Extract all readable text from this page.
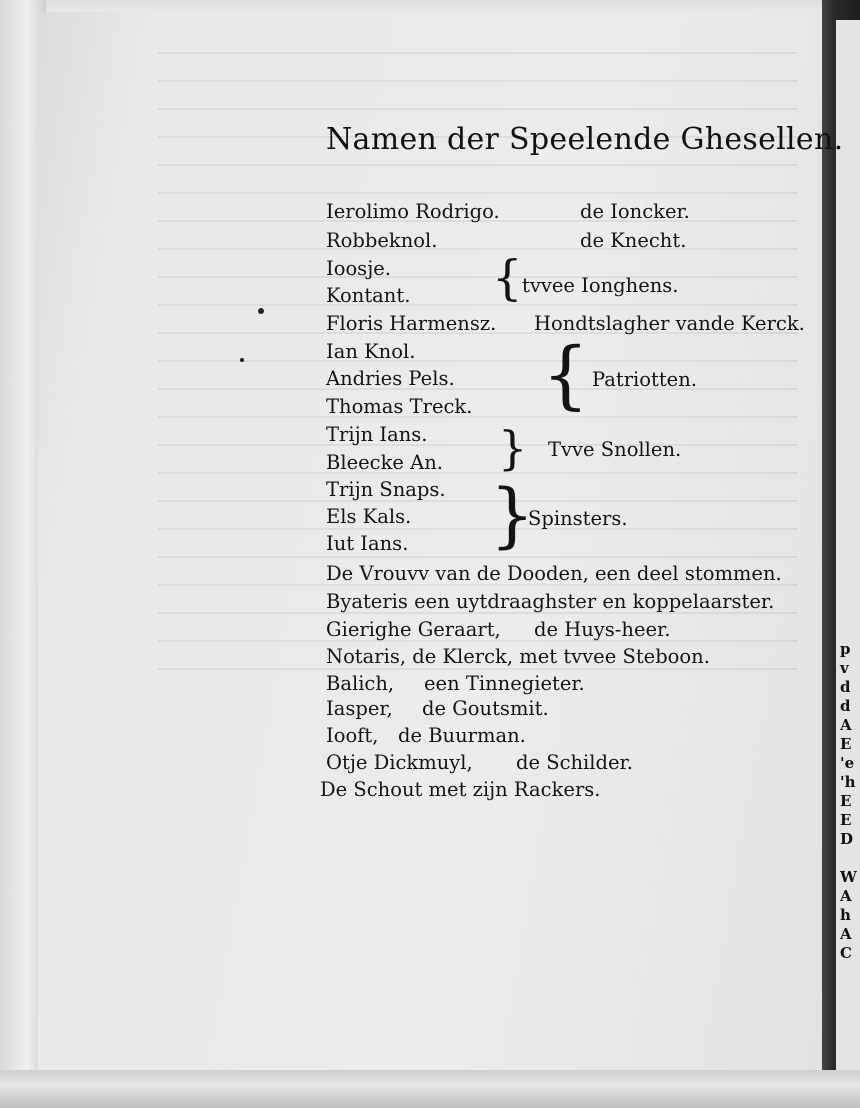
p
v
d
d
A
E
'e
'h
E
E
D

W
A
h
A
C
Namen der Speelende Ghesellen.
Ierolimo Rodrigo.	de Ioncker.
Robbeknol.	de Knecht.
Ioosje.
Kontant. { tvvee Ionghens.
Floris Harmensz. Hondtslagher vande Kerck.
Ian Knol.
Andries Pels.
Thomas Treck. { Patriotten.
Trijn Ians.
Bleecke An. } Tvve Snollen.
Trijn Snaps.
Els Kals.
Iut Ians. }
Spinsters.
De Vrouvv van de Dooden, een deel stommen.
Byateris een uytdraaghster en koppelaarster.
Gierighe Geraart, de Huys-heer.
Notaris, de Klerck, met tvvee Steboon.
Balich, een Tinnegieter.
Iasper, de Goutsmit.
Iooft, de Buurman.
Otje Dickmuyl, de Schilder.
De Schout met zijn Rackers.
